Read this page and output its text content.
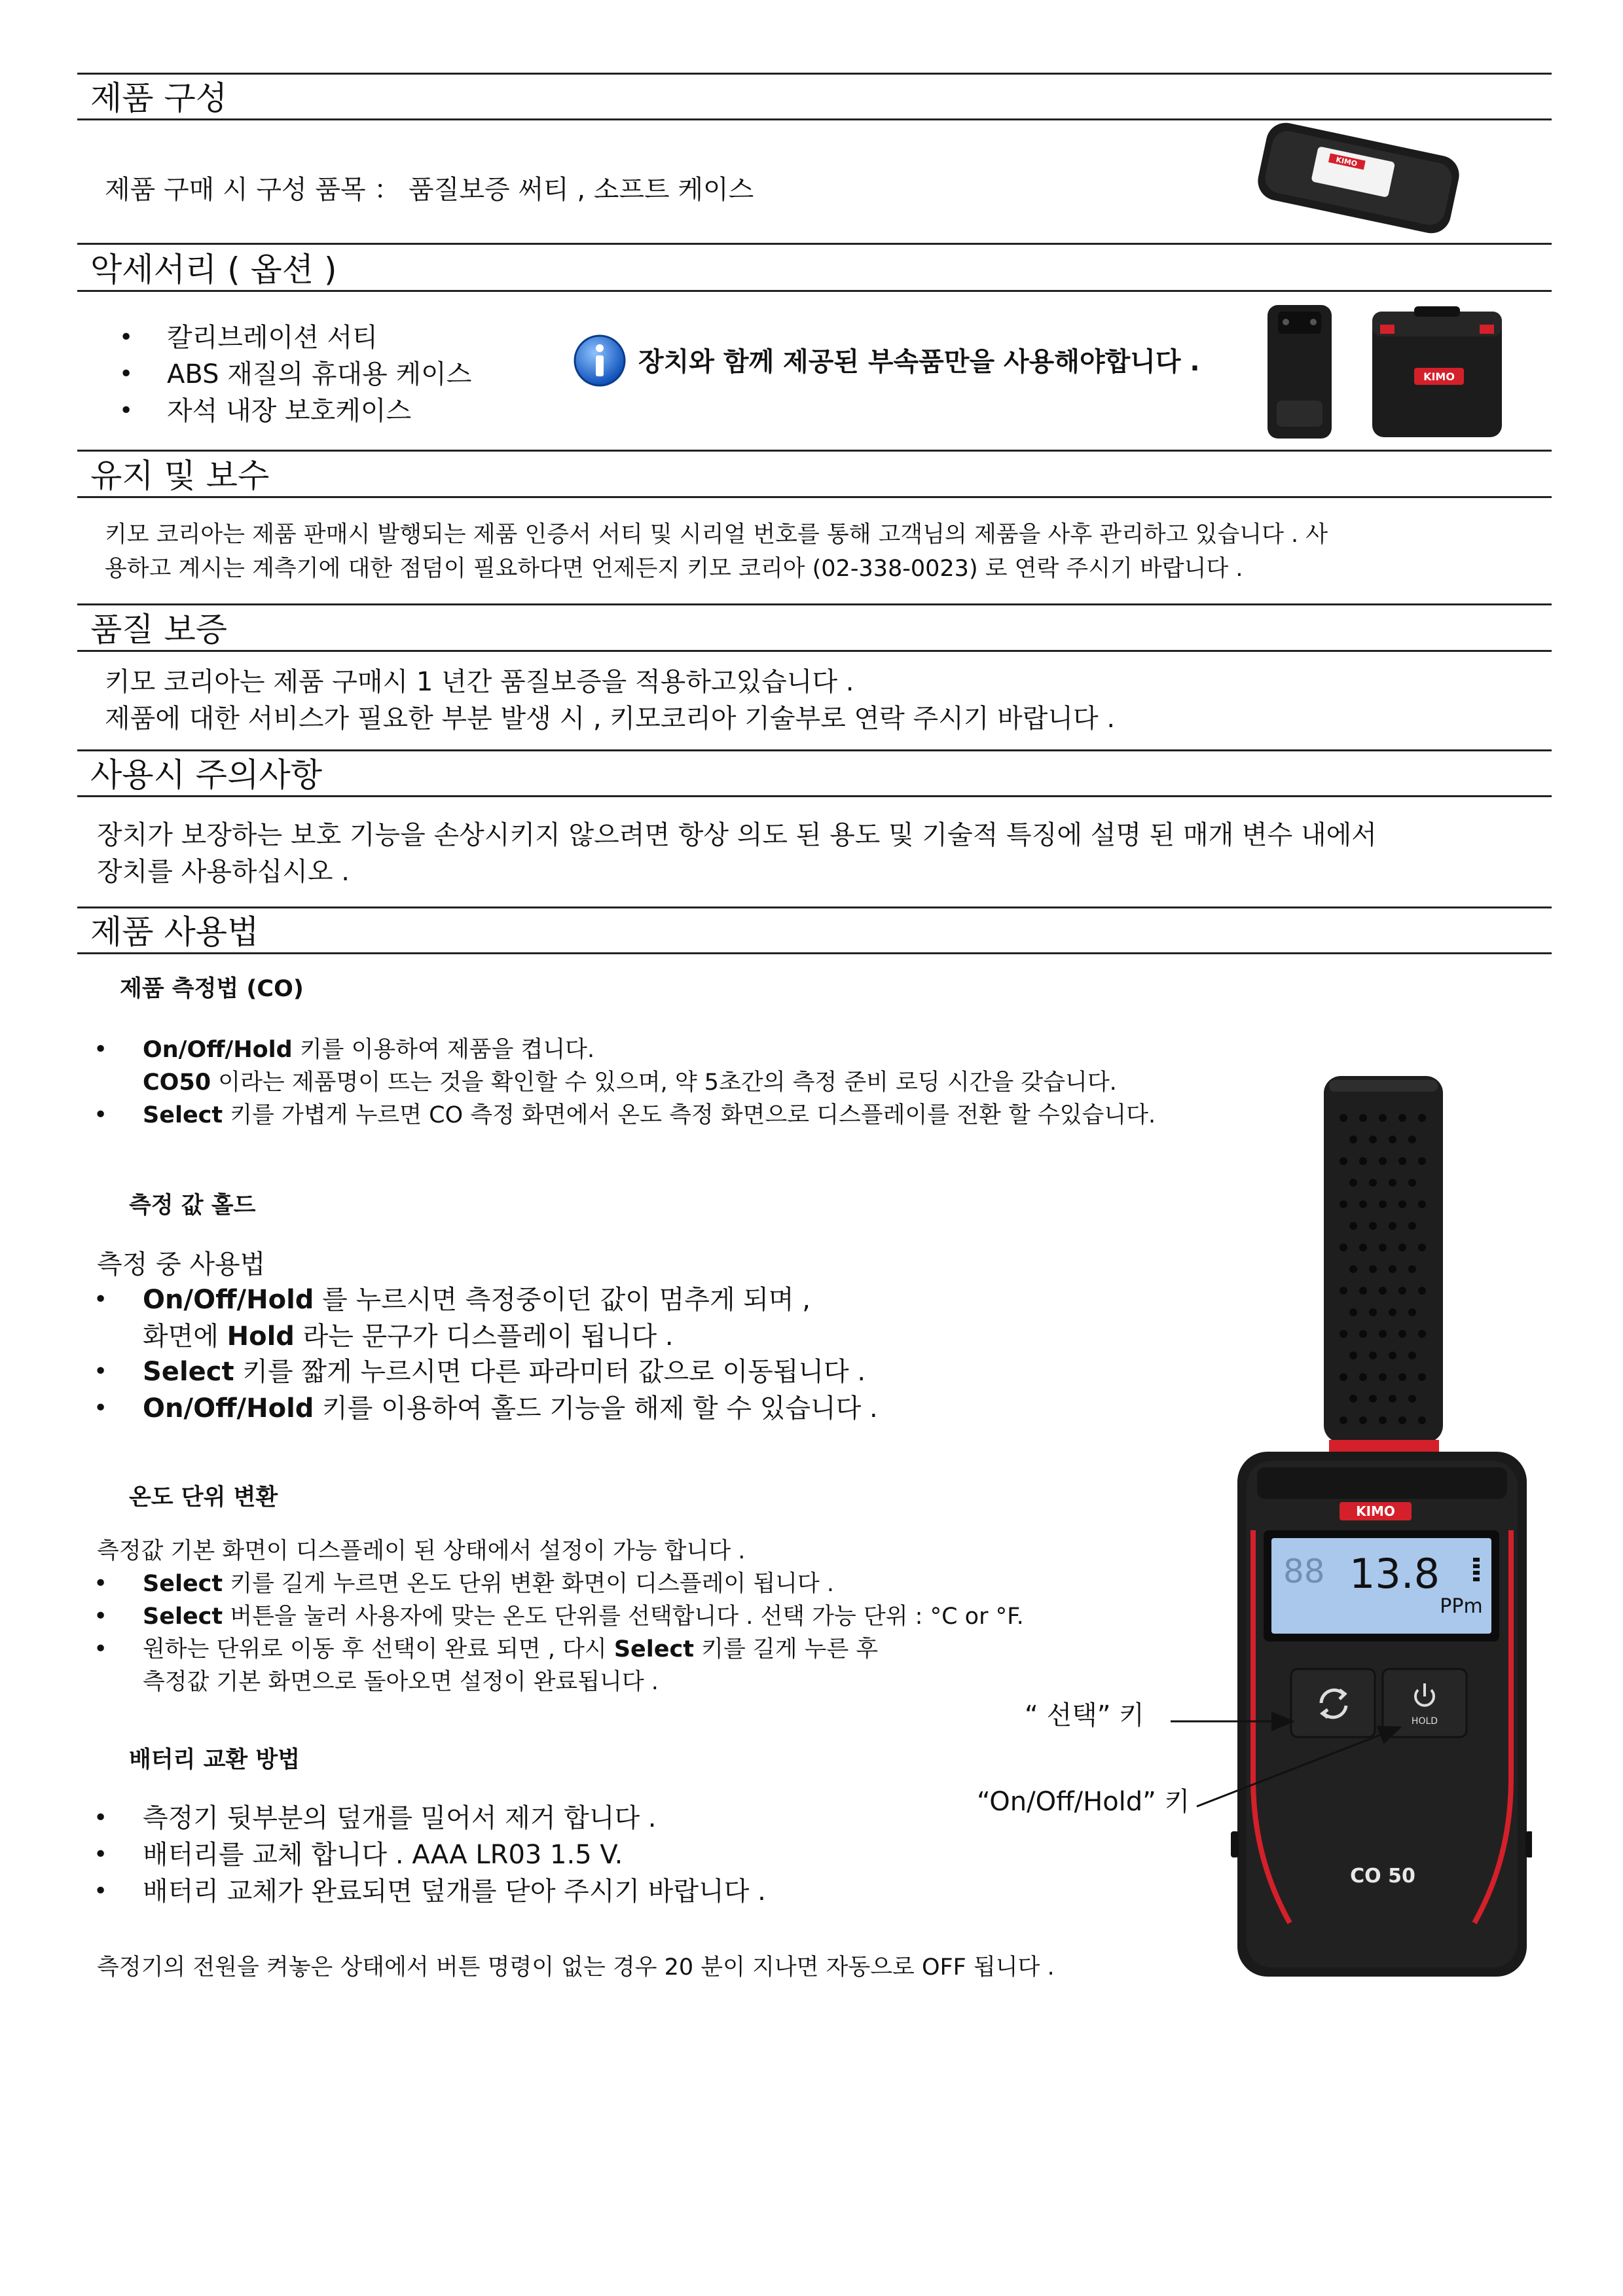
제품 구성
제품 구매 시 구성 품목 ： 품질보증 써티 , 소프트 케이스
KIMO
악세서리 ( 옵션 )
• 칼리브레이션 서티
• ABS 재질의 휴대용 케이스
• 자석 내장 보호케이스
장치와 함께 제공된 부속품만을 사용해야합니다 .	KIMO
유지 및 보수
키모 코리아는 제품 판매시 발행되는 제품 인증서 서티 및 시리얼 번호를 통해 고객님의 제품을 사후 관리하고 있습니다 . 사
용하고 계시는 계측기에 대한 점덤이 필요하다면 언제든지 키모 코리아 (02-338-0023) 로 연락 주시기 바랍니다 .
품질 보증
키모 코리아는 제품 구매시 1 년간 품질보증을 적용하고있습니다 .
제품에 대한 서비스가 필요한 부분 발생 시 , 키모코리아 기술부로 연락 주시기 바랍니다 .
사용시 주의사항
장치가 보장하는 보호 기능을 손상시키지 않으려면 항상 의도 된 용도 및 기술적 특징에 설명 된 매개 변수 내에서
장치를 사용하십시오 .
제품 사용법
제품 측정법 (CO)
• On/Off/Hold 키를 이용하여 제품을 켭니다.
CO50 이라는 제품명이 뜨는 것을 확인할 수 있으며, 약 5초간의 측정 준비 로딩 시간을 갖습니다.
• Select 키를 가볍게 누르면 CO 측정 화면에서 온도 측정 화면으로 디스플레이를 전환 할 수있습니다.
측정 값 홀드
측정 중 사용법
• On/Off/Hold 를 누르시면 측정중이던 값이 멈추게 되며 ,
화면에 Hold 라는 문구가 디스플레이 됩니다 .
• Select 키를 짧게 누르시면 다른 파라미터 값으로 이동됩니다 .
• On/Off/Hold 키를 이용하여 홀드 기능을 해제 할 수 있습니다 .
온도 단위 변환
측정값 기본 화면이 디스플레이 된 상태에서 설정이 가능 합니다 .
• Select 키를 길게 누르면 온도 단위 변환 화면이 디스플레이 됩니다 .
• Select 버튼을 눌러 사용자에 맞는 온도 단위를 선택합니다 . 선택 가능 단위 : °C or °F.
• 원하는 단위로 이동 후 선택이 완료 되면 , 다시 Select 키를 길게 누른 후
측정값 기본 화면으로 돌아오면 설정이 완료됩니다 .
배터리 교환 방법
• 측정기 뒷부분의 덮개를 밀어서 제거 합니다 .
• 배터리를 교체 합니다 . AAA LR03 1.5 V.
• 배터리 교체가 완료되면 덮개를 닫아 주시기 바랍니다 .
측정기의 전원을 켜놓은 상태에서 버튼 명령이 없는 경우 20 분이 지나면 자동으로 OFF 됩니다 .
KIMO
88 13.8
PPm
HOLD
CO 50
“ 선택” 키
“On/Off/Hold” 키
